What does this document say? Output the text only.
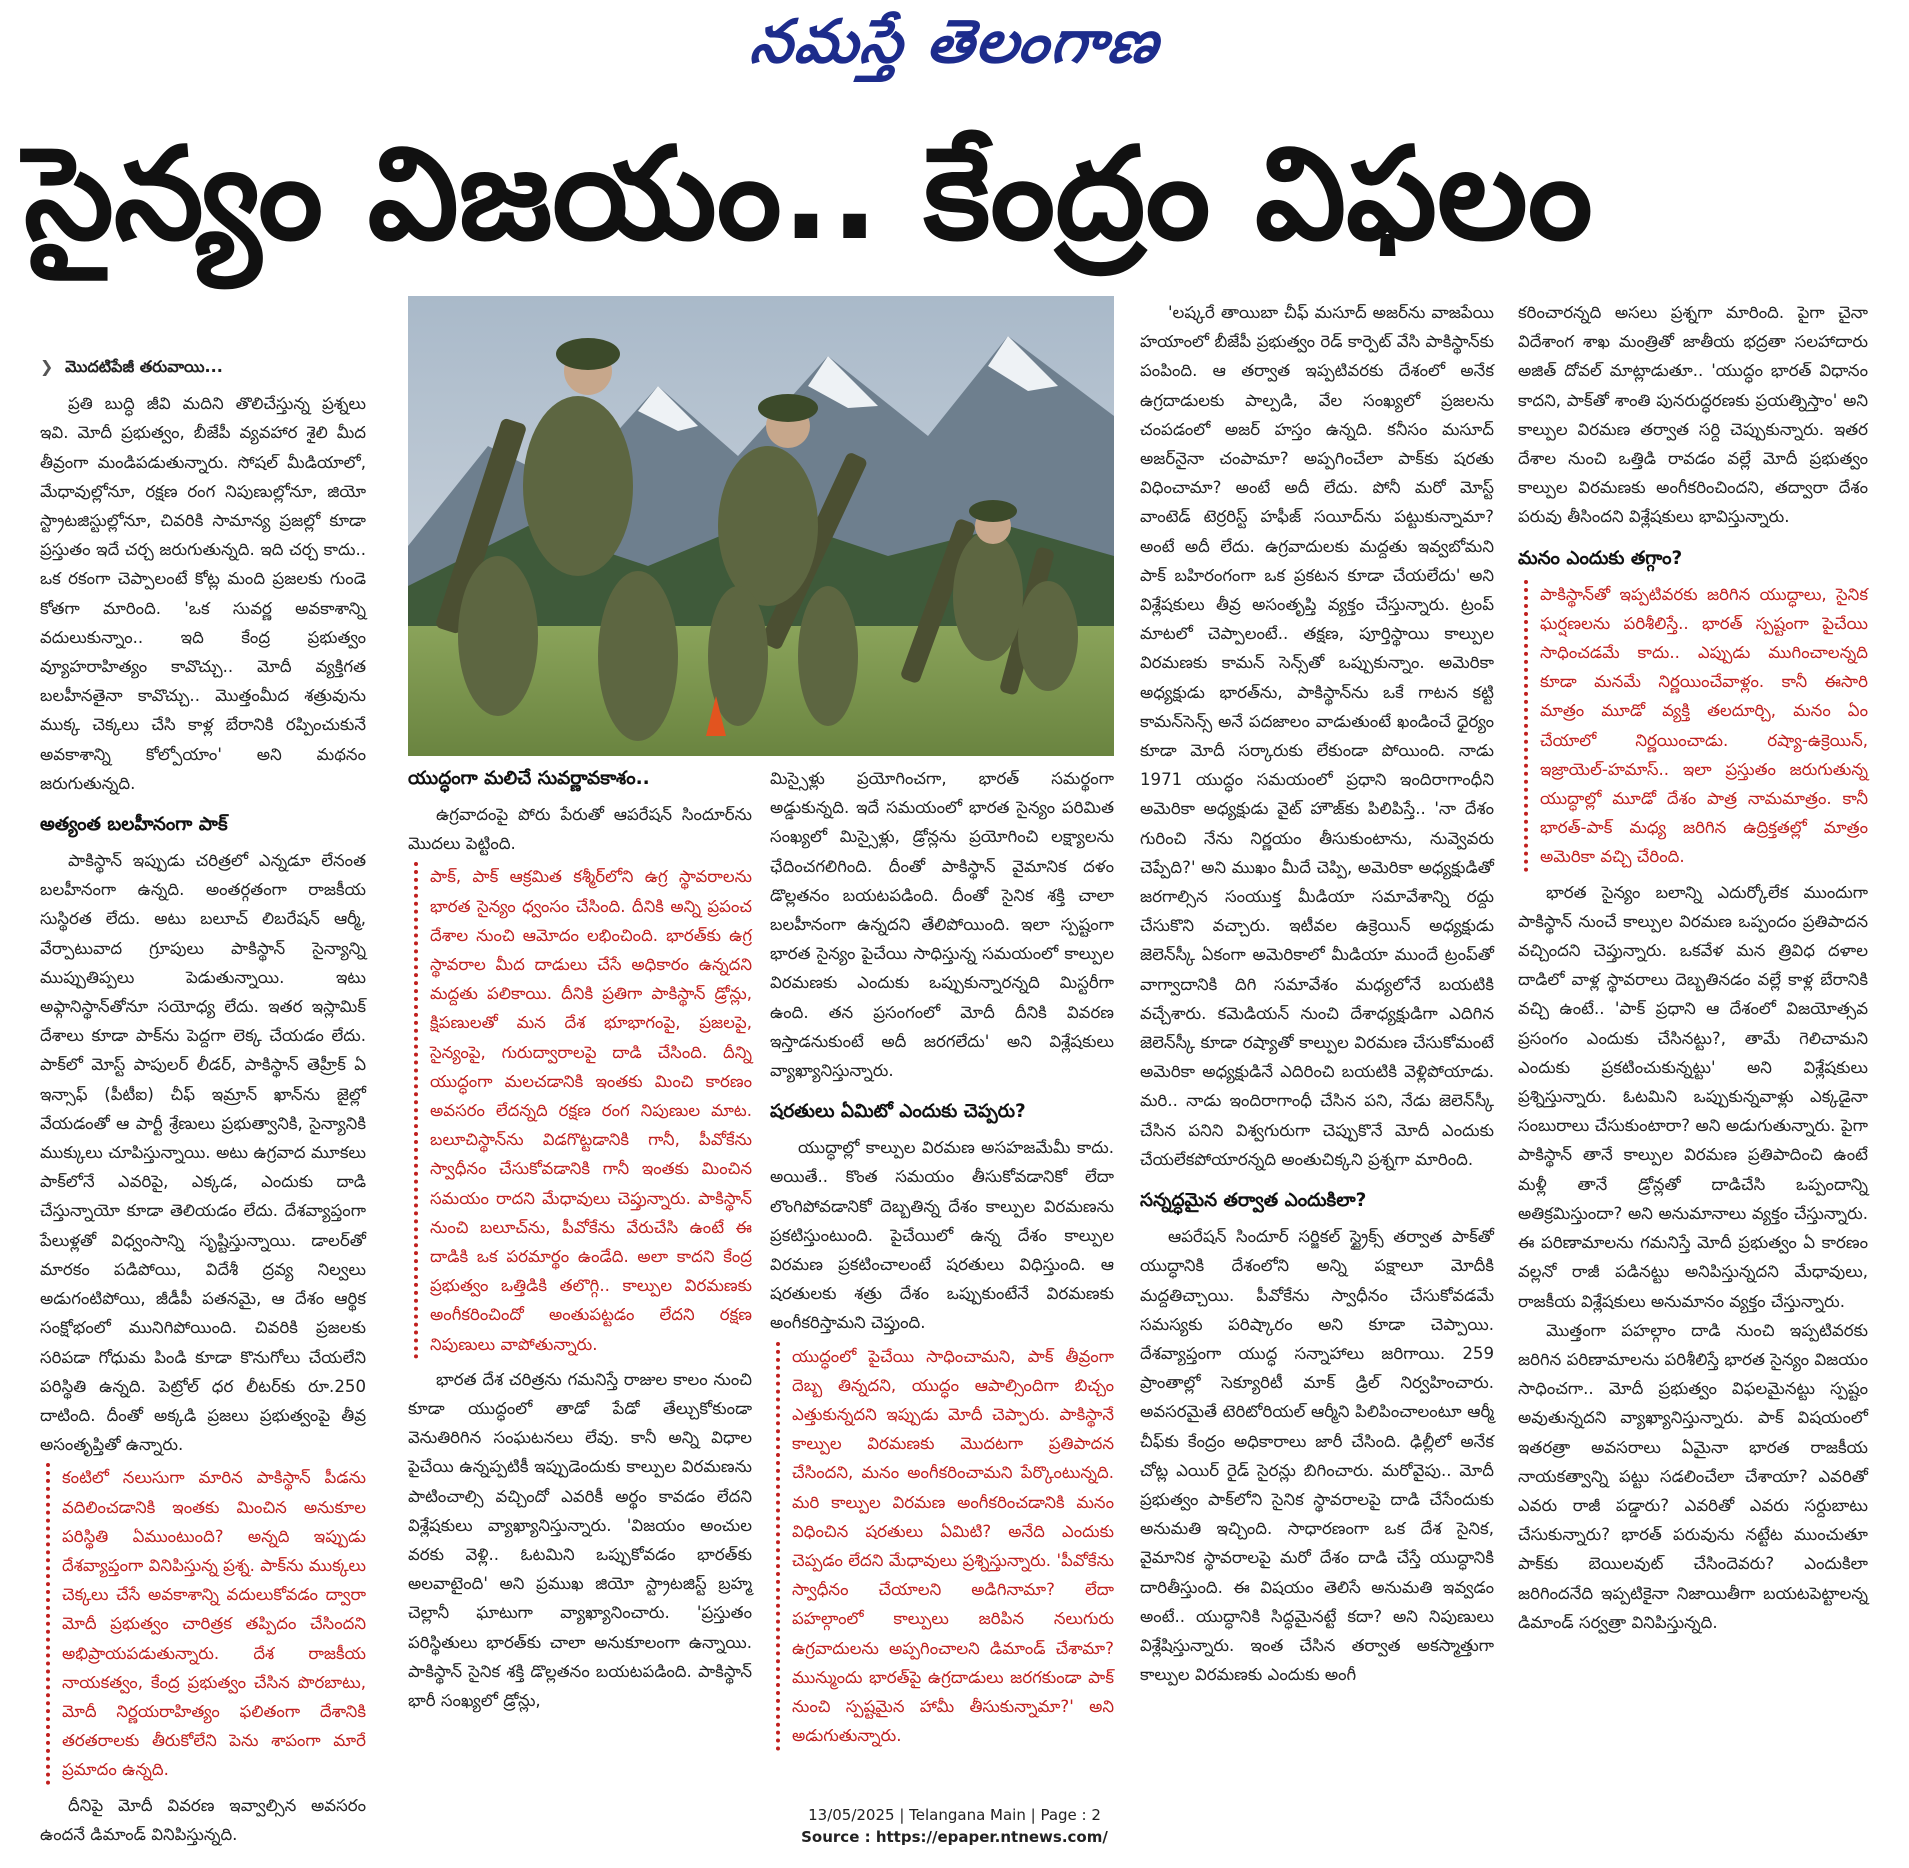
నమస్తే తెలంగాణ
సైన్యం విజయం.. కేంద్రం విఫలం
❯ మొదటిపేజీ తరువాయి...

ప్రతి బుద్ధి జీవి మదిని తొలిచేస్తున్న ప్రశ్నలు ఇవి. మోదీ ప్రభుత్వం, బీజేపీ వ్యవహార శైలి మీద తీవ్రంగా మండిపడుతున్నారు. సోషల్ మీడియాలో, మేధావుల్లోనూ, రక్షణ రంగ నిపుణుల్లోనూ, జియో స్ట్రాటజిస్టుల్లోనూ, చివరికి సామాన్య ప్రజల్లో కూడా ప్రస్తుతం ఇదే చర్చ జరుగుతున్నది. ఇది చర్చ కాదు.. ఒక రకంగా చెప్పాలంటే కోట్ల మంది ప్రజలకు గుండె కోతగా మారింది. 'ఒక సువర్ణ అవకాశాన్ని వదులుకున్నాం.. ఇది కేంద్ర ప్రభుత్వం వ్యూహరాహిత్యం కావొచ్చు.. మోదీ వ్యక్తిగత బలహీనతైనా కావొచ్చు.. మొత్తంమీద శత్రువును ముక్క చెక్కలు చేసి కాళ్ల బేరానికి రప్పించుకునే అవకాశాన్ని కోల్పోయాం' అని మథనం జరుగుతున్నది.

అత్యంత బలహీనంగా పాక్

పాకిస్థాన్ ఇప్పుడు చరిత్రలో ఎన్నడూ లేనంత బలహీనంగా ఉన్నది. అంతర్గతంగా రాజకీయ సుస్థిరత లేదు. అటు బలూచ్ లిబరేషన్ ఆర్మీ, వేర్పాటువాద గ్రూపులు పాకిస్థాన్ సైన్యాన్ని ముప్పుతిప్పలు పెడుతున్నాయి. ఇటు అఫ్గానిస్థాన్‌తోనూ సయోధ్య లేదు. ఇతర ఇస్లామిక్ దేశాలు కూడా పాక్‌ను పెద్దగా లెక్క చేయడం లేదు. పాక్‌లో మోస్ట్ పాపులర్ లీడర్, పాకిస్థాన్ తెహ్రీక్ ఏ ఇన్సాఫ్ (పీటీఐ) చీఫ్ ఇమ్రాన్ ఖాన్‌ను జైల్లో వేయడంతో ఆ పార్టీ శ్రేణులు ప్రభుత్వానికి, సైన్యానికి ముక్కులు చూపిస్తున్నాయి. అటు ఉగ్రవాద మూకలు పాక్‌లోనే ఎవరిపై, ఎక్కడ, ఎందుకు దాడి చేస్తున్నాయో కూడా తెలియడం లేదు. దేశవ్యాప్తంగా పేలుళ్లతో విధ్వంసాన్ని సృష్టిస్తున్నాయి. డాలర్‌తో మారకం పడిపోయి, విదేశీ ద్రవ్య నిల్వలు అడుగంటిపోయి, జీడీపీ పతనమై, ఆ దేశం ఆర్థిక సంక్షోభంలో మునిగిపోయింది. చివరికి ప్రజలకు సరిపడా గోధుమ పిండి కూడా కొనుగోలు చేయలేని పరిస్థితి ఉన్నది. పెట్రోల్ ధర లీటర్‌కు రూ.250 దాటింది. దీంతో అక్కడి ప్రజలు ప్రభుత్వంపై తీవ్ర అసంతృప్తితో ఉన్నారు.

కంటిలో నలుసుగా మారిన పాకిస్థాన్ పీడను వదిలించడానికి ఇంతకు మించిన అనుకూల పరిస్థితి ఏముంటుంది? అన్నది ఇప్పుడు దేశవ్యాప్తంగా వినిపిస్తున్న ప్రశ్న. పాక్‌ను ముక్కలు చెక్కలు చేసే అవకాశాన్ని వదులుకోవడం ద్వారా మోదీ ప్రభుత్వం చారిత్రక తప్పిదం చేసిందని అభిప్రాయపడుతున్నారు. దేశ రాజకీయ నాయకత్వం, కేంద్ర ప్రభుత్వం చేసిన పొరబాటు, మోదీ నిర్ణయరాహిత్యం ఫలితంగా దేశానికి తరతరాలకు తీరుకోలేని పెను శాపంగా మారే ప్రమాదం ఉన్నది.

దీనిపై మోదీ వివరణ ఇవ్వాల్సిన అవసరం ఉందనే డిమాండ్ వినిపిస్తున్నది.

యుద్ధంగా మలిచే సువర్ణావకాశం..

ఉగ్రవాదంపై పోరు పేరుతో ఆపరేషన్ సిందూర్‌ను మొదలు పెట్టింది.

పాక్, పాక్ ఆక్రమిత కశ్మీర్‌లోని ఉగ్ర స్థావరాలను భారత సైన్యం ధ్వంసం చేసింది. దీనికి అన్ని ప్రపంచ దేశాల నుంచి ఆమోదం లభించింది. భారత్‌కు ఉగ్ర స్థావరాల మీద దాడులు చేసే అధికారం ఉన్నదని మద్దతు పలికాయి. దీనికి ప్రతిగా పాకిస్థాన్ డ్రోన్లు, క్షిపణులతో మన దేశ భూభాగంపై, ప్రజలపై, సైన్యంపై, గురుద్వారాలపై దాడి చేసింది. దీన్ని యుద్ధంగా మలచడానికి ఇంతకు మించి కారణం అవసరం లేదన్నది రక్షణ రంగ నిపుణుల మాట. బలూచిస్థాన్‌ను విడగొట్టడానికి గానీ, పీవోకేను స్వాధీనం చేసుకోవడానికి గానీ ఇంతకు మించిన సమయం రాదని మేధావులు చెప్తున్నారు. పాకిస్థాన్ నుంచి బలూచ్‌ను, పీవోకేను వేరుచేసి ఉంటే ఈ దాడికి ఒక పరమార్థం ఉండేది. అలా కాదని కేంద్ర ప్రభుత్వం ఒత్తిడికి తలొగ్గి.. కాల్పుల విరమణకు అంగీకరించిందో అంతుపట్టడం లేదని రక్షణ నిపుణులు వాపోతున్నారు.

భారత దేశ చరిత్రను గమనిస్తే రాజుల కాలం నుంచి కూడా యుద్ధంలో తాడో పేడో తేల్చుకోకుండా వెనుతిరిగిన సంఘటనలు లేవు. కానీ అన్ని విధాల పైచేయి ఉన్నప్పటికీ ఇప్పుడెందుకు కాల్పుల విరమణను పాటించాల్సి వచ్చిందో ఎవరికీ అర్థం కావడం లేదని విశ్లేషకులు వ్యాఖ్యానిస్తున్నారు. 'విజయం అంచుల వరకు వెళ్లి.. ఓటమిని ఒప్పుకోవడం భారత్‌కు అలవాటైంది' అని ప్రముఖ జియో స్ట్రాటజిస్ట్ బ్రహ్మ చెల్లానీ ఘాటుగా వ్యాఖ్యానించారు. 'ప్రస్తుతం పరిస్థితులు భారత్‌కు చాలా అనుకూలంగా ఉన్నాయి. పాకిస్థాన్ సైనిక శక్తి డొల్లతనం బయటపడింది. పాకిస్థాన్ భారీ సంఖ్యలో డ్రోన్లు,

మిస్సైళ్లు ప్రయోగించగా, భారత్ సమర్థంగా అడ్డుకున్నది. ఇదే సమయంలో భారత సైన్యం పరిమిత సంఖ్యలో మిస్సైళ్లు, డ్రోన్లను ప్రయోగించి లక్ష్యాలను ఛేదించగలిగింది. దీంతో పాకిస్థాన్ వైమానిక దళం డొల్లతనం బయటపడింది. దీంతో సైనిక శక్తి చాలా బలహీనంగా ఉన్నదని తేలిపోయింది. ఇలా స్పష్టంగా భారత సైన్యం పైచేయి సాధిస్తున్న సమయంలో కాల్పుల విరమణకు ఎందుకు ఒప్పుకున్నారన్నది మిస్టరీగా ఉంది. తన ప్రసంగంలో మోదీ దీనికి వివరణ ఇస్తాడనుకుంటే అదీ జరగలేదు' అని విశ్లేషకులు వ్యాఖ్యానిస్తున్నారు.

షరతులు ఏమిటో ఎందుకు చెప్పరు?

యుద్ధాల్లో కాల్పుల విరమణ అసహజమేమీ కాదు. అయితే.. కొంత సమయం తీసుకోవడానికో లేదా లొంగిపోవడానికో దెబ్బతిన్న దేశం కాల్పుల విరమణను ప్రకటిస్తుంటుంది. పైచేయిలో ఉన్న దేశం కాల్పుల విరమణ ప్రకటించాలంటే షరతులు విధిస్తుంది. ఆ షరతులకు శత్రు దేశం ఒప్పుకుంటేనే విరమణకు అంగీకరిస్తామని చెప్తుంది.

యుద్ధంలో పైచేయి సాధించామని, పాక్ తీవ్రంగా దెబ్బ తిన్నదని, యుద్ధం ఆపాల్సిందిగా బిచ్చం ఎత్తుకున్నదని ఇప్పుడు మోదీ చెప్పారు. పాకిస్థానే కాల్పుల విరమణకు మొదటగా ప్రతిపాదన చేసిందని, మనం అంగీకరించామని పేర్కొంటున్నది. మరి కాల్పుల విరమణ అంగీకరించడానికి మనం విధించిన షరతులు ఏమిటి? అనేది ఎందుకు చెప్పడం లేదని మేధావులు ప్రశ్నిస్తున్నారు. 'పీవోకేను స్వాధీనం చేయాలని అడిగినామా? లేదా పహల్గాంలో కాల్పులు జరిపిన నలుగురు ఉగ్రవాదులను అప్పగించాలని డిమాండ్ చేశామా? మున్ముందు భారత్‌పై ఉగ్రదాడులు జరగకుండా పాక్ నుంచి స్పష్టమైన హామీ తీసుకున్నామా?' అని అడుగుతున్నారు.

'లష్కరే తాయిబా చీఫ్ మసూద్ అజర్‌ను వాజపేయి హయాంలో బీజేపీ ప్రభుత్వం రెడ్ కార్పెట్ వేసి పాకిస్థాన్‌కు పంపింది. ఆ తర్వాత ఇప్పటివరకు దేశంలో అనేక ఉగ్రదాడులకు పాల్పడి, వేల సంఖ్యలో ప్రజలను చంపడంలో అజర్ హస్తం ఉన్నది. కనీసం మసూద్ అజర్‌నైనా చంపామా? అప్పగించేలా పాక్‌కు షరతు విధించామా? అంటే అదీ లేదు. పోనీ మరో మోస్ట్ వాంటెడ్ టెర్రరిస్ట్ హఫీజ్ సయీద్‌ను పట్టుకున్నామా? అంటే అదీ లేదు. ఉగ్రవాదులకు మద్దతు ఇవ్వబోమని పాక్ బహిరంగంగా ఒక ప్రకటన కూడా చేయలేదు' అని విశ్లేషకులు తీవ్ర అసంతృప్తి వ్యక్తం చేస్తున్నారు. ట్రంప్ మాటలో చెప్పాలంటే.. తక్షణ, పూర్తిస్థాయి కాల్పుల విరమణకు కామన్ సెన్స్‌తో ఒప్పుకున్నాం. అమెరికా అధ్యక్షుడు భారత్‌ను, పాకిస్థాన్‌ను ఒకే గాటన కట్టి కామన్‌సెన్స్ అనే పదజాలం వాడుతుంటే ఖండించే ధైర్యం కూడా మోదీ సర్కారుకు లేకుండా పోయింది. నాడు 1971 యుద్ధం సమయంలో ప్రధాని ఇందిరాగాంధీని అమెరికా అధ్యక్షుడు వైట్ హౌజ్‌కు పిలిపిస్తే.. 'నా దేశం గురించి నేను నిర్ణయం తీసుకుంటాను, నువ్వెవరు చెప్పేది?' అని ముఖం మీదే చెప్పి, అమెరికా అధ్యక్షుడితో జరగాల్సిన సంయుక్త మీడియా సమావేశాన్ని రద్దు చేసుకొని వచ్చారు. ఇటీవల ఉక్రెయిన్ అధ్యక్షుడు జెలెన్‌స్కీ ఏకంగా అమెరికాలో మీడియా ముందే ట్రంప్‌తో వాగ్వాదానికి దిగి సమావేశం మధ్యలోనే బయటికి వచ్చేశారు. కమెడియన్ నుంచి దేశాధ్యక్షుడిగా ఎదిగిన జెలెన్‌స్కీ కూడా రష్యాతో కాల్పుల విరమణ చేసుకోమంటే అమెరికా అధ్యక్షుడినే ఎదిరించి బయటికి వెళ్లిపోయాడు. మరి.. నాడు ఇందిరాగాంధీ చేసిన పని, నేడు జెలెన్‌స్కీ చేసిన పనిని విశ్వగురుగా చెప్పుకొనే మోదీ ఎందుకు చేయలేకపోయారన్నది అంతుచిక్కని ప్రశ్నగా మారింది.

సన్నద్ధమైన తర్వాత ఎందుకిలా?

ఆపరేషన్ సిందూర్ సర్జికల్ స్ట్రైక్స్ తర్వాత పాక్‌తో యుద్ధానికి దేశంలోని అన్ని పక్షాలూ మోదీకి మద్దతిచ్చాయి. పీవోకేను స్వాధీనం చేసుకోవడమే సమస్యకు పరిష్కారం అని కూడా చెప్పాయి. దేశవ్యాప్తంగా యుద్ధ సన్నాహాలు జరిగాయి. 259 ప్రాంతాల్లో సెక్యూరిటీ మాక్ డ్రిల్ నిర్వహించారు. అవసరమైతే టెరిటోరియల్ ఆర్మీని పిలిపించాలంటూ ఆర్మీ చీఫ్‌కు కేంద్రం అధికారాలు జారీ చేసింది. ఢిల్లీలో అనేక చోట్ల ఎయిర్ రైడ్ సైరన్లు బిగించారు. మరోవైపు.. మోదీ ప్రభుత్వం పాక్‌లోని సైనిక స్థావరాలపై దాడి చేసేందుకు అనుమతి ఇచ్చింది. సాధారణంగా ఒక దేశ సైనిక, వైమానిక స్థావరాలపై మరో దేశం దాడి చేస్తే యుద్ధానికి దారితీస్తుంది. ఈ విషయం తెలిసే అనుమతి ఇవ్వడం అంటే.. యుద్ధానికి సిద్ధమైనట్టే కదా? అని నిపుణులు విశ్లేషిస్తున్నారు. ఇంత చేసిన తర్వాత అకస్మాత్తుగా కాల్పుల విరమణకు ఎందుకు అంగీ

కరించారన్నది అసలు ప్రశ్నగా మారింది. పైగా చైనా విదేశాంగ శాఖ మంత్రితో జాతీయ భద్రతా సలహాదారు అజిత్ దోవల్ మాట్లాడుతూ.. 'యుద్ధం భారత్ విధానం కాదని, పాక్‌తో శాంతి పునరుద్ధరణకు ప్రయత్నిస్తాం' అని కాల్పుల విరమణ తర్వాత సర్ది చెప్పుకున్నారు. ఇతర దేశాల నుంచి ఒత్తిడి రావడం వల్లే మోదీ ప్రభుత్వం కాల్పుల విరమణకు అంగీకరించిందని, తద్వారా దేశం పరువు తీసిందని విశ్లేషకులు భావిస్తున్నారు.

మనం ఎందుకు తగ్గాం?

పాకిస్థాన్‌తో ఇప్పటివరకు జరిగిన యుద్ధాలు, సైనిక ఘర్షణలను పరిశీలిస్తే.. భారత్ స్పష్టంగా పైచేయి సాధించడమే కాదు.. ఎప్పుడు ముగించాలన్నది కూడా మనమే నిర్ణయించేవాళ్లం. కానీ ఈసారి మాత్రం మూడో వ్యక్తి తలదూర్చి, మనం ఏం చేయాలో నిర్ణయించాడు. రష్యా-ఉక్రెయిన్, ఇజ్రాయెల్-హమాస్.. ఇలా ప్రస్తుతం జరుగుతున్న యుద్ధాల్లో మూడో దేశం పాత్ర నామమాత్రం. కానీ భారత్-పాక్ మధ్య జరిగిన ఉద్రిక్తతల్లో మాత్రం అమెరికా వచ్చి చేరింది.

భారత సైన్యం బలాన్ని ఎదుర్కోలేక ముందుగా పాకిస్థాన్ నుంచే కాల్పుల విరమణ ఒప్పందం ప్రతిపాదన వచ్చిందని చెప్తున్నారు. ఒకవేళ మన త్రివిధ దళాల దాడిలో వాళ్ల స్థావరాలు దెబ్బతినడం వల్లే కాళ్ల బేరానికి వచ్చి ఉంటే.. 'పాక్ ప్రధాని ఆ దేశంలో విజయోత్సవ ప్రసంగం ఎందుకు చేసినట్టు?, తామే గెలిచామని ఎందుకు ప్రకటించుకున్నట్టు' అని విశ్లేషకులు ప్రశ్నిస్తున్నారు. ఓటమిని ఒప్పుకున్నవాళ్లు ఎక్కడైనా సంబురాలు చేసుకుంటారా? అని అడుగుతున్నారు. పైగా పాకిస్థాన్ తానే కాల్పుల విరమణ ప్రతిపాదించి ఉంటే మళ్లీ తానే డ్రోన్లతో దాడిచేసి ఒప్పందాన్ని అతిక్రమిస్తుందా? అని అనుమానాలు వ్యక్తం చేస్తున్నారు. ఈ పరిణామాలను గమనిస్తే మోదీ ప్రభుత్వం ఏ కారణం వల్లనో రాజీ పడినట్టు అనిపిస్తున్నదని మేధావులు, రాజకీయ విశ్లేషకులు అనుమానం వ్యక్తం చేస్తున్నారు.

మొత్తంగా పహల్గాం దాడి నుంచి ఇప్పటివరకు జరిగిన పరిణామాలను పరిశీలిస్తే భారత సైన్యం విజయం సాధించగా.. మోదీ ప్రభుత్వం విఫలమైనట్టు స్పష్టం అవుతున్నదని వ్యాఖ్యానిస్తున్నారు. పాక్ విషయంలో ఇతరత్రా అవసరాలు ఏమైనా భారత రాజకీయ నాయకత్వాన్ని పట్టు సడలించేలా చేశాయా? ఎవరితో ఎవరు రాజీ పడ్డారు? ఎవరితో ఎవరు సర్దుబాటు చేసుకున్నారు? భారత్ పరువును నట్టేట ముంచుతూ పాక్‌కు బెయిలవుట్ చేసిందెవరు? ఎందుకిలా జరిగిందనేది ఇప్పటికైనా నిజాయితీగా బయటపెట్టాలన్న డిమాండ్ సర్వత్రా వినిపిస్తున్నది.

13/05/2025 | Telangana Main | Page : 2
Source : https://epaper.ntnews.com/
